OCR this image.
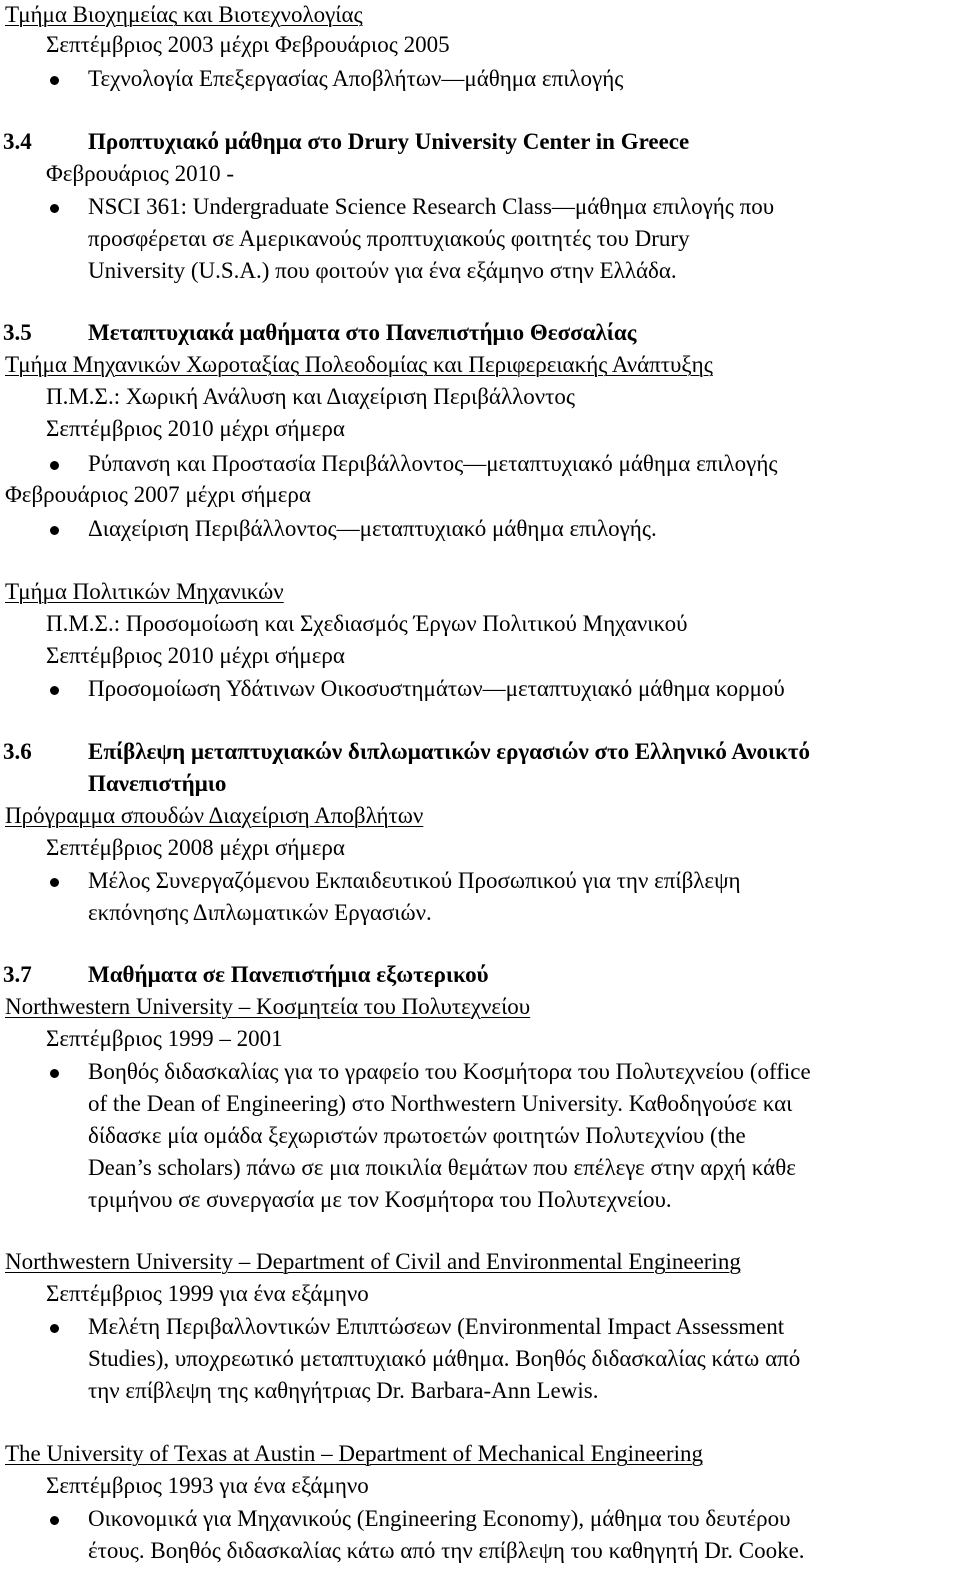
Τμήμα Βιοχημείας και Βιοτεχνολογίας
Σεπτέμβριος 2003 μέχρι Φεβρουάριος 2005
Τεχνολογία Επεξεργασίας Αποβλήτων—μάθημα επιλογής
3.4 Προπτυχιακό μάθημα στο Drury University Center in Greece
Φεβρουάριος 2010 -
NSCI 361: Undergraduate Science Research Class—μάθημα επιλογής που
προσφέρεται σε Αμερικανούς προπτυχιακούς φοιτητές του Drury
University (U.S.A.) που φοιτούν για ένα εξάμηνο στην Ελλάδα.
3.5 Μεταπτυχιακά μαθήματα στο Πανεπιστήμιο Θεσσαλίας
Τμήμα Μηχανικών Χωροταξίας Πολεοδομίας και Περιφερειακής Ανάπτυξης
Π.Μ.Σ.: Χωρική Ανάλυση και Διαχείριση Περιβάλλοντος
Σεπτέμβριος 2010 μέχρι σήμερα
Ρύπανση και Προστασία Περιβάλλοντος—μεταπτυχιακό μάθημα επιλογής
Φεβρουάριος 2007 μέχρι σήμερα
Διαχείριση Περιβάλλοντος—μεταπτυχιακό μάθημα επιλογής.
Τμήμα Πολιτικών Μηχανικών
Π.Μ.Σ.: Προσομοίωση και Σχεδιασμός Έργων Πολιτικού Μηχανικού
Σεπτέμβριος 2010 μέχρι σήμερα
Προσομοίωση Υδάτινων Οικοσυστημάτων—μεταπτυχιακό μάθημα κορμού
3.6 Επίβλεψη μεταπτυχιακών διπλωματικών εργασιών στο Ελληνικό Ανοικτό
Πανεπιστήμιο
Πρόγραμμα σπουδών Διαχείριση Αποβλήτων
Σεπτέμβριος 2008 μέχρι σήμερα
Μέλος Συνεργαζόμενου Εκπαιδευτικού Προσωπικού για την επίβλεψη
εκπόνησης Διπλωματικών Εργασιών.
3.7 Μαθήματα σε Πανεπιστήμια εξωτερικού
Northwestern University – Κοσμητεία του Πολυτεχνείου
Σεπτέμβριος 1999 – 2001
Βοηθός διδασκαλίας για το γραφείο του Κοσμήτορα του Πολυτεχνείου (office
of the Dean of Engineering) στο Northwestern University. Καθοδηγούσε και
δίδασκε μία ομάδα ξεχωριστών πρωτοετών φοιτητών Πολυτεχνίου (the
Dean’s scholars) πάνω σε μια ποικιλία θεμάτων που επέλεγε στην αρχή κάθε
τριμήνου σε συνεργασία με τον Κοσμήτορα του Πολυτεχνείου.
Northwestern University – Department of Civil and Environmental Engineering
Σεπτέμβριος 1999 για ένα εξάμηνο
Μελέτη Περιβαλλοντικών Επιπτώσεων (Environmental Impact Assessment
Studies), υποχρεωτικό μεταπτυχιακό μάθημα. Βοηθός διδασκαλίας κάτω από
την επίβλεψη της καθηγήτριας Dr. Barbara-Ann Lewis.
The University of Texas at Austin – Department of Mechanical Engineering
Σεπτέμβριος 1993 για ένα εξάμηνο
Οικονομικά για Μηχανικούς (Engineering Economy), μάθημα του δευτέρου
έτους. Βοηθός διδασκαλίας κάτω από την επίβλεψη του καθηγητή Dr. Cooke.
